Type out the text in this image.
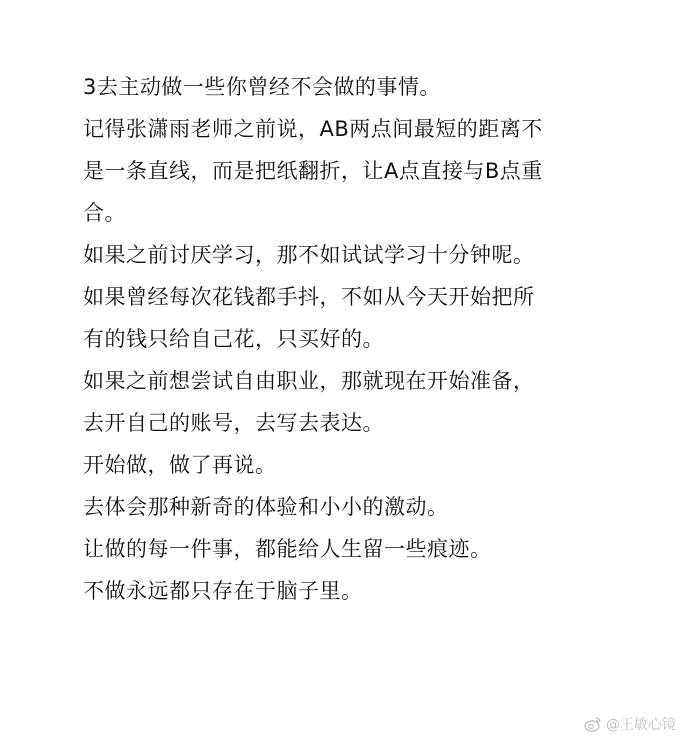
3去主动做一些你曾经不会做的事情。
记得张潇雨老师之前说，AB两点间最短的距离不
是一条直线，而是把纸翻折，让A点直接与B点重
合。
如果之前讨厌学习，那不如试试学习十分钟呢。
如果曾经每次花钱都手抖，不如从今天开始把所
有的钱只给自己花，只买好的。
如果之前想尝试自由职业，那就现在开始准备，
去开自己的账号，去写去表达。
开始做，做了再说。
去体会那种新奇的体验和小小的激动。
让做的每一件事，都能给人生留一些痕迹。
不做永远都只存在于脑子里。
@王敏心镜
